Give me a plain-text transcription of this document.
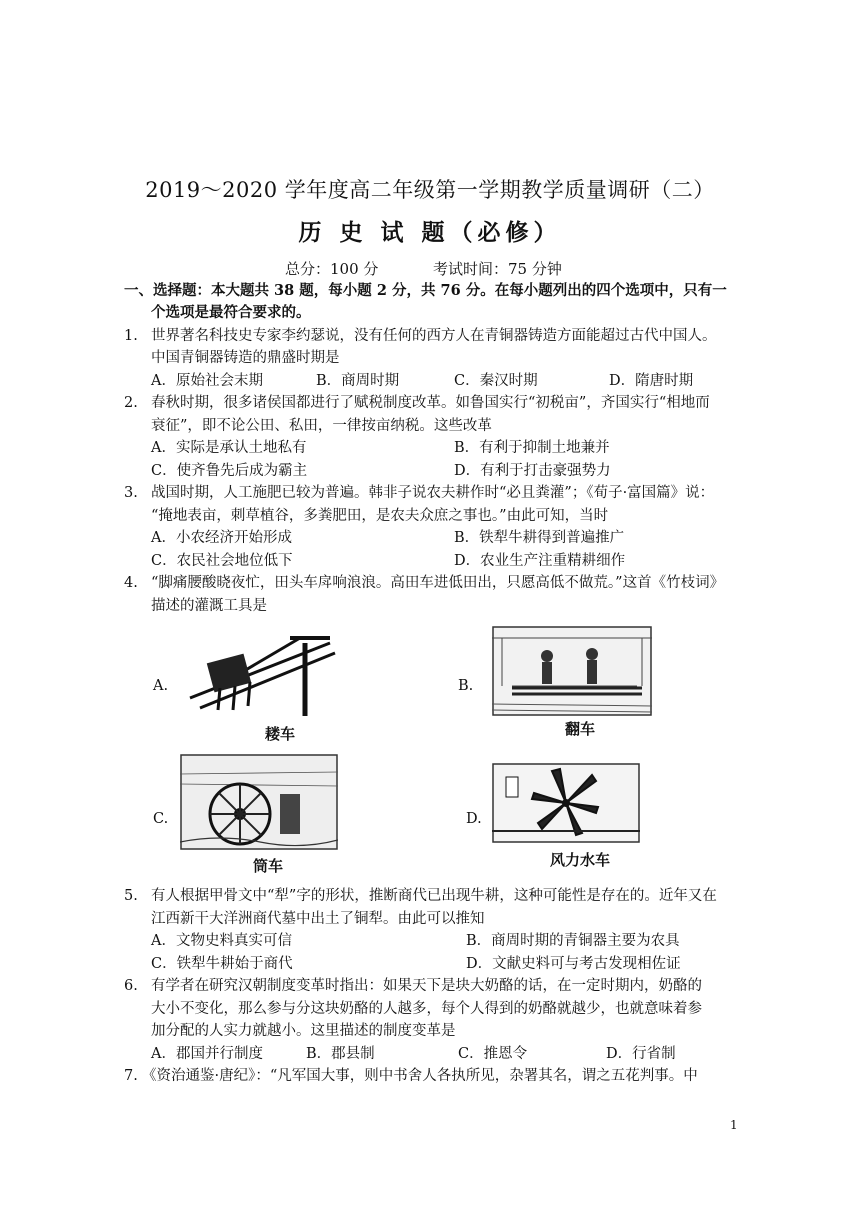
2019～2020 学年度高二年级第一学期教学质量调研（二）
历 史 试 题（必修）
总分：100 分	考试时间：75 分钟
一、选择题：本大题共 38 题，每小题 2 分，共 76 分。在每小题列出的四个选项中，只有一
个选项是最符合要求的。
1. 世界著名科技史专家李约瑟说，没有任何的西方人在青铜器铸造方面能超过古代中国人。
中国青铜器铸造的鼎盛时期是
A．原始社会末期	B．商周时期	C．秦汉时期	D．隋唐时期
2. 春秋时期，很多诸侯国都进行了赋税制度改革。如鲁国实行“初税亩”，齐国实行“相地而
衰征”，即不论公田、私田，一律按亩纳税。这些改革
A．实际是承认土地私有	B．有利于抑制土地兼并
C．使齐鲁先后成为霸主	D．有利于打击豪强势力
3. 战国时期，人工施肥已较为普遍。韩非子说农夫耕作时“必且粪灌”；《荀子·富国篇》说：
“掩地表亩，刺草植谷，多粪肥田，是农夫众庶之事也。”由此可知，当时
A．小农经济开始形成	B．铁犁牛耕得到普遍推广
C．农民社会地位低下	D．农业生产注重精耕细作
4. “脚痛腰酸晓夜忙，田头车戽响浪浪。高田车进低田出，只愿高低不做荒。”这首《竹枝词》
描述的灌溉工具是
A.
耧车
B.
翻车
C.
筒车
D.
风力水车
5. 有人根据甲骨文中“犁”字的形状，推断商代已出现牛耕，这种可能性是存在的。近年又在
江西新干大洋洲商代墓中出土了铜犁。由此可以推知
A．文物史料真实可信	B．商周时期的青铜器主要为农具
C．铁犁牛耕始于商代	D．文献史料可与考古发现相佐证
6. 有学者在研究汉朝制度变革时指出：如果天下是块大奶酪的话，在一定时期内，奶酪的
大小不变化，那么参与分这块奶酪的人越多，每个人得到的奶酪就越少，也就意味着参
加分配的人实力就越小。这里描述的制度变革是
A．郡国并行制度	B．郡县制	C．推恩令	D．行省制
7. 《资治通鉴·唐纪》：“凡军国大事，则中书舍人各执所见，杂署其名，谓之五花判事。中
1
